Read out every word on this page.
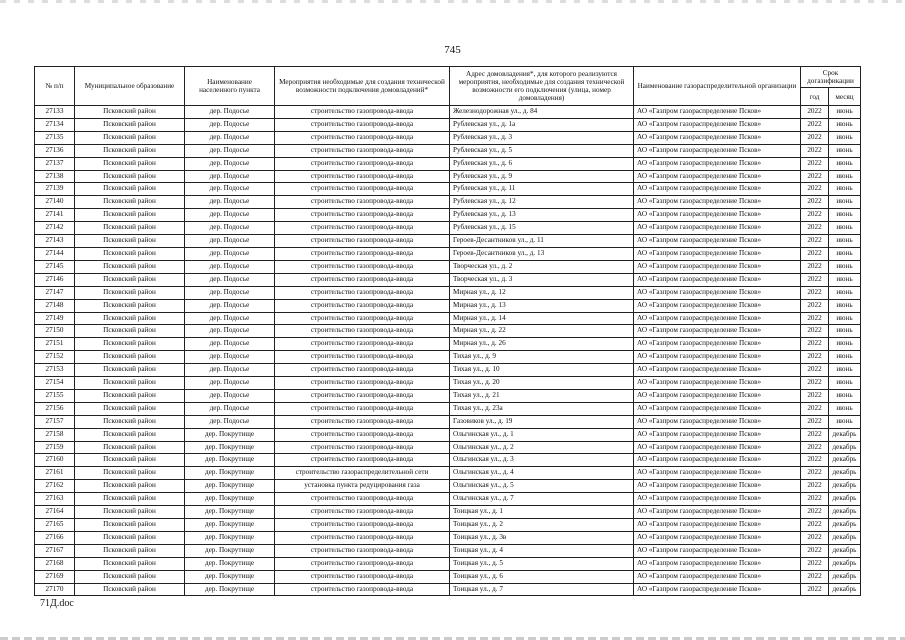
745
№ п/п	Муниципальное образование	Наименование населенного пункта	Мероприятия необходимые для создания технической возможности подключения домовладений*	Адрес домовладения*, для которого реализуются мероприятия, необходимые для создания технической возможности его подключения (улица, номер домовладения)	Наименование газораспределительной организации	Срок догазификации	
						год	месяц
27133	Псковский район	дер. Подосье	строительство газопровода-ввода	Железнодорожная ул., д. 84	АО «Газпром газораспределение Псков»	2022	июнь
27134	Псковский район	дер. Подосье	строительство газопровода-ввода	Рублевская ул., д. 1а	АО «Газпром газораспределение Псков»	2022	июнь
27135	Псковский район	дер. Подосье	строительство газопровода-ввода	Рублевская ул., д. 3	АО «Газпром газораспределение Псков»	2022	июнь
27136	Псковский район	дер. Подосье	строительство газопровода-ввода	Рублевская ул., д. 5	АО «Газпром газораспределение Псков»	2022	июнь
27137	Псковский район	дер. Подосье	строительство газопровода-ввода	Рублевская ул., д. 6	АО «Газпром газораспределение Псков»	2022	июнь
27138	Псковский район	дер. Подосье	строительство газопровода-ввода	Рублевская ул., д. 9	АО «Газпром газораспределение Псков»	2022	июнь
27139	Псковский район	дер. Подосье	строительство газопровода-ввода	Рублевская ул., д. 11	АО «Газпром газораспределение Псков»	2022	июнь
27140	Псковский район	дер. Подосье	строительство газопровода-ввода	Рублевская ул., д. 12	АО «Газпром газораспределение Псков»	2022	июнь
27141	Псковский район	дер. Подосье	строительство газопровода-ввода	Рублевская ул., д. 13	АО «Газпром газораспределение Псков»	2022	июнь
27142	Псковский район	дер. Подосье	строительство газопровода-ввода	Рублевская ул., д. 15	АО «Газпром газораспределение Псков»	2022	июнь
27143	Псковский район	дер. Подосье	строительство газопровода-ввода	Героев-Десантников ул., д. 11	АО «Газпром газораспределение Псков»	2022	июнь
27144	Псковский район	дер. Подосье	строительство газопровода-ввода	Героев-Десантников ул., д. 13	АО «Газпром газораспределение Псков»	2022	июнь
27145	Псковский район	дер. Подосье	строительство газопровода-ввода	Творческая ул., д. 2	АО «Газпром газораспределение Псков»	2022	июнь
27146	Псковский район	дер. Подосье	строительство газопровода-ввода	Творческая ул., д. 3	АО «Газпром газораспределение Псков»	2022	июнь
27147	Псковский район	дер. Подосье	строительство газопровода-ввода	Мирная ул., д. 12	АО «Газпром газораспределение Псков»	2022	июнь
27148	Псковский район	дер. Подосье	строительство газопровода-ввода	Мирная ул., д. 13	АО «Газпром газораспределение Псков»	2022	июнь
27149	Псковский район	дер. Подосье	строительство газопровода-ввода	Мирная ул., д. 14	АО «Газпром газораспределение Псков»	2022	июнь
27150	Псковский район	дер. Подосье	строительство газопровода-ввода	Мирная ул., д. 22	АО «Газпром газораспределение Псков»	2022	июнь
27151	Псковский район	дер. Подосье	строительство газопровода-ввода	Мирная ул., д. 26	АО «Газпром газораспределение Псков»	2022	июнь
27152	Псковский район	дер. Подосье	строительство газопровода-ввода	Тихая ул., д. 9	АО «Газпром газораспределение Псков»	2022	июнь
27153	Псковский район	дер. Подосье	строительство газопровода-ввода	Тихая ул., д. 10	АО «Газпром газораспределение Псков»	2022	июнь
27154	Псковский район	дер. Подосье	строительство газопровода-ввода	Тихая ул., д. 20	АО «Газпром газораспределение Псков»	2022	июнь
27155	Псковский район	дер. Подосье	строительство газопровода-ввода	Тихая ул., д. 21	АО «Газпром газораспределение Псков»	2022	июнь
27156	Псковский район	дер. Подосье	строительство газопровода-ввода	Тихая ул., д. 23а	АО «Газпром газораспределение Псков»	2022	июнь
27157	Псковский район	дер. Подосье	строительство газопровода-ввода	Газовиков ул., д. 19	АО «Газпром газораспределение Псков»	2022	июнь
27158	Псковский район	дер. Покрутище	строительство газопровода-ввода	Ольгинская ул., д. 1	АО «Газпром газораспределение Псков»	2022	декабрь
27159	Псковский район	дер. Покрутище	строительство газопровода-ввода	Ольгинская ул., д. 2	АО «Газпром газораспределение Псков»	2022	декабрь
27160	Псковский район	дер. Покрутище	строительство газопровода-ввода	Ольгинская ул., д. 3	АО «Газпром газораспределение Псков»	2022	декабрь
27161	Псковский район	дер. Покрутище	строительство газораспределительной сети	Ольгинская ул., д. 4	АО «Газпром газораспределение Псков»	2022	декабрь
27162	Псковский район	дер. Покрутище	установка пункта редуцирования газа	Ольгинская ул., д. 5	АО «Газпром газораспределение Псков»	2022	декабрь
27163	Псковский район	дер. Покрутище	строительство газопровода-ввода	Ольгинская ул., д. 7	АО «Газпром газораспределение Псков»	2022	декабрь
27164	Псковский район	дер. Покрутище	строительство газопровода-ввода	Тоицкая ул., д. 1	АО «Газпром газораспределение Псков»	2022	декабрь
27165	Псковский район	дер. Покрутище	строительство газопровода-ввода	Тоицкая ул., д. 2	АО «Газпром газораспределение Псков»	2022	декабрь
27166	Псковский район	дер. Покрутище	строительство газопровода-ввода	Тоицкая ул., д. 3в	АО «Газпром газораспределение Псков»	2022	декабрь
27167	Псковский район	дер. Покрутище	строительство газопровода-ввода	Тоицкая ул., д. 4	АО «Газпром газораспределение Псков»	2022	декабрь
27168	Псковский район	дер. Покрутище	строительство газопровода-ввода	Тоицкая ул., д. 5	АО «Газпром газораспределение Псков»	2022	декабрь
27169	Псковский район	дер. Покрутище	строительство газопровода-ввода	Тоицкая ул., д. 6	АО «Газпром газораспределение Псков»	2022	декабрь
27170	Псковский район	дер. Покрутище	строительство газопровода-ввода	Тоицкая ул., д. 7	АО «Газпром газораспределение Псков»	2022	декабрь
71Д.doc
